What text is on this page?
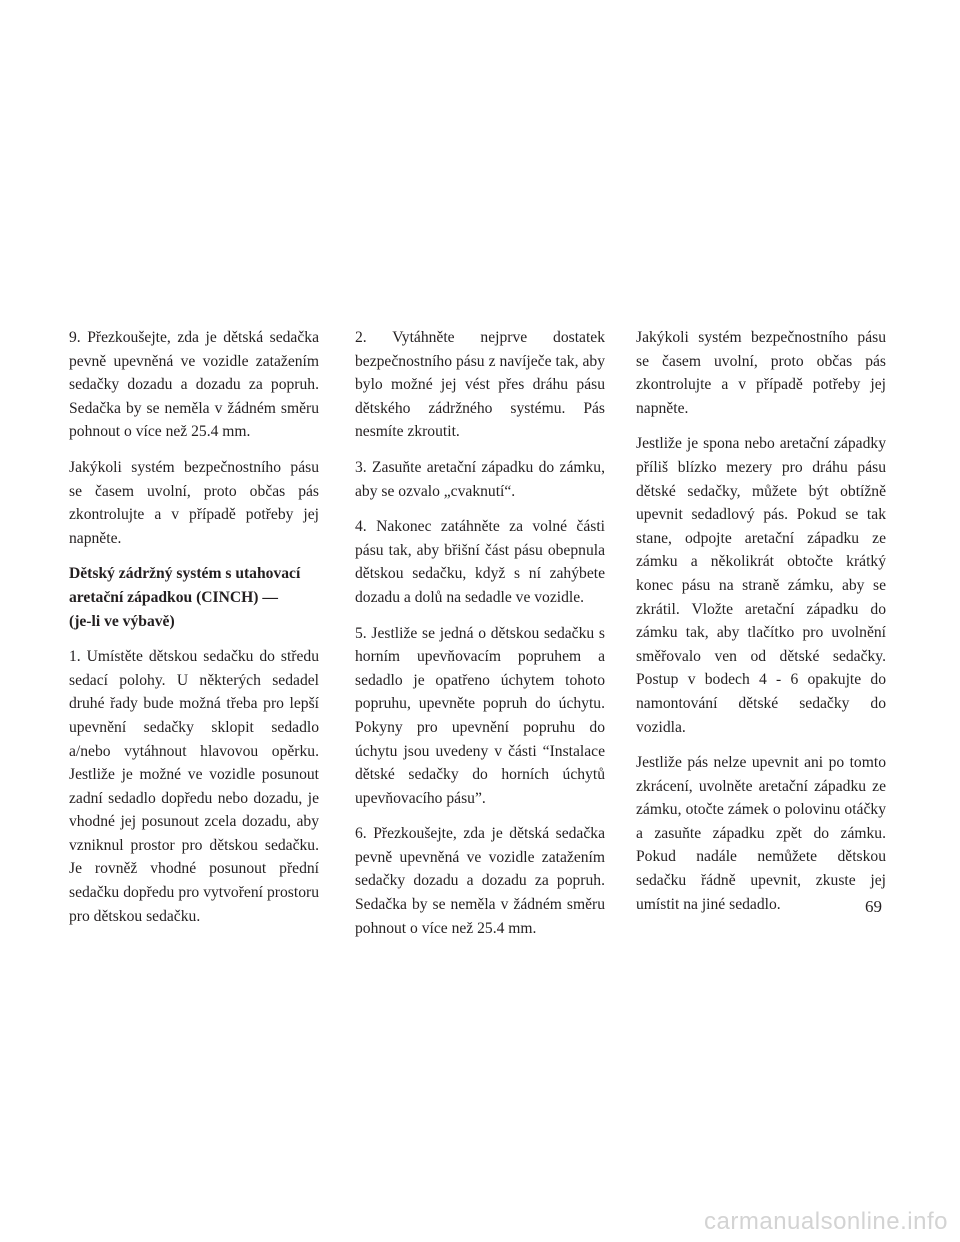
9. Přezkoušejte, zda je dětská sedačka pevně upevněná ve vozidle zatažením sedačky dozadu a dozadu za popruh. Sedačka by se neměla v žádném směru pohnout o více než 25.4 mm.

Jakýkoli systém bezpečnostního pásu se časem uvolní, proto občas pás zkontrolujte a v případě potřeby jej napněte.

Dětský zádržný systém s utahovací
aretační západkou (CINCH) —
(je-li ve výbavě)

1. Umístěte dětskou sedačku do středu sedací polohy. U některých sedadel druhé řady bude možná třeba pro lepší upevnění sedačky sklopit sedadlo a/nebo vytáhnout hlavovou opěrku. Jestliže je možné ve vozidle posunout zadní sedadlo dopředu nebo dozadu, je vhodné jej posunout zcela dozadu, aby vzniknul prostor pro dětskou sedačku. Je rovněž vhodné posunout přední sedačku dopředu pro vytvoření prostoru pro dětskou sedačku.

2. Vytáhněte nejprve dostatek bezpečnostního pásu z navíječe tak, aby bylo možné jej vést přes dráhu pásu dětského zádržného systému. Pás nesmíte zkroutit.

3. Zasuňte aretační západku do zámku, aby se ozvalo „cvaknutí“.

4. Nakonec zatáhněte za volné části pásu tak, aby břišní část pásu obepnula dětskou sedačku, když s ní zahýbete dozadu a dolů na sedadle ve vozidle.

5. Jestliže se jedná o dětskou sedačku s horním upevňovacím popruhem a sedadlo je opatřeno úchytem tohoto popruhu, upevněte popruh do úchytu. Pokyny pro upevnění popruhu do úchytu jsou uvedeny v části “Instalace dětské sedačky do horních úchytů upevňovacího pásu”.

6. Přezkoušejte, zda je dětská sedačka pevně upevněná ve vozidle zatažením sedačky dozadu a dozadu za popruh. Sedačka by se neměla v žádném směru pohnout o více než 25.4 mm.

Jakýkoli systém bezpečnostního pásu se časem uvolní, proto občas pás zkontrolujte a v případě potřeby jej napněte.

Jestliže je spona nebo aretační západky příliš blízko mezery pro dráhu pásu dětské sedačky, můžete být obtížně upevnit sedadlový pás. Pokud se tak stane, odpojte aretační západku ze zámku a několikrát obtočte krátký konec pásu na straně zámku, aby se zkrátil. Vložte aretační západku do zámku tak, aby tlačítko pro uvolnění směřovalo ven od dětské sedačky. Postup v bodech 4 - 6 opakujte do namontování dětské sedačky do vozidla.

Jestliže pás nelze upevnit ani po tomto zkrácení, uvolněte aretační západku ze zámku, otočte zámek o polovinu otáčky a zasuňte západku zpět do zámku. Pokud nadále nemůžete dětskou sedačku řádně upevnit, zkuste jej umístit na jiné sedadlo.	69
carmanualsonline.info
